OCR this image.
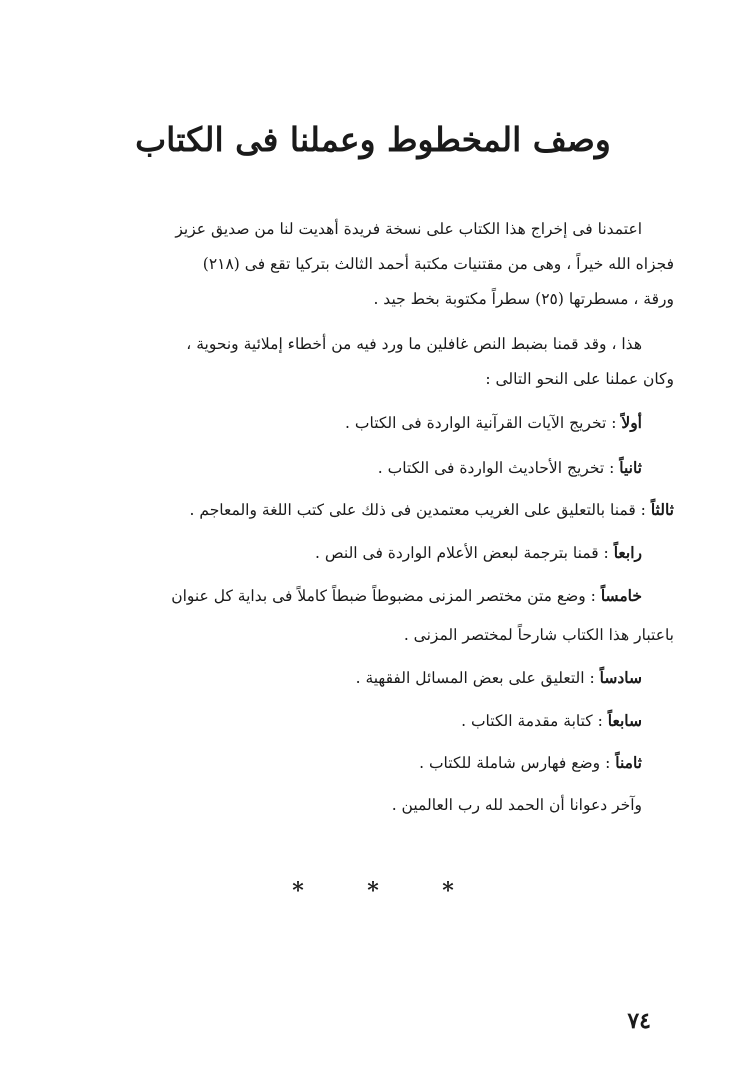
وصف المخطوط وعملنا فى الكتاب
اعتمدنا فى إخراج هذا الكتاب على نسخة فريدة أهديت لنا من صديق عزيز
فجزاه الله خيراً ، وهى من مقتنيات مكتبة أحمد الثالث بتركيا تقع فى (٢١٨)
ورقة ، مسطرتها (٢٥) سطراً مكتوبة بخط جيد .
هذا ، وقد قمنا بضبط النص غافلين ما ورد فيه من أخطاء إملائية ونحوية ،
وكان عملنا على النحو التالى :

أولاً : تخريج الآيات القرآنية الواردة فى الكتاب .

ثانياً : تخريج الأحاديث الواردة فى الكتاب .

ثالثاً : قمنا بالتعليق على الغريب معتمدين فى ذلك على كتب اللغة والمعاجم .

رابعاً : قمنا بترجمة لبعض الأعلام الواردة فى النص .

خامساً : وضع متن مختصر المزنى مضبوطاً ضبطاً كاملاً فى بداية كل عنوان

باعتبار هذا الكتاب شارحاً لمختصر المزنى .

سادساً : التعليق على بعض المسائل الفقهية .

سابعاً : كتابة مقدمة الكتاب .

ثامناً : وضع فهارس شاملة للكتاب .

وآخر دعوانا أن الحمد لله رب العالمين .

*	*	*

٧٤
